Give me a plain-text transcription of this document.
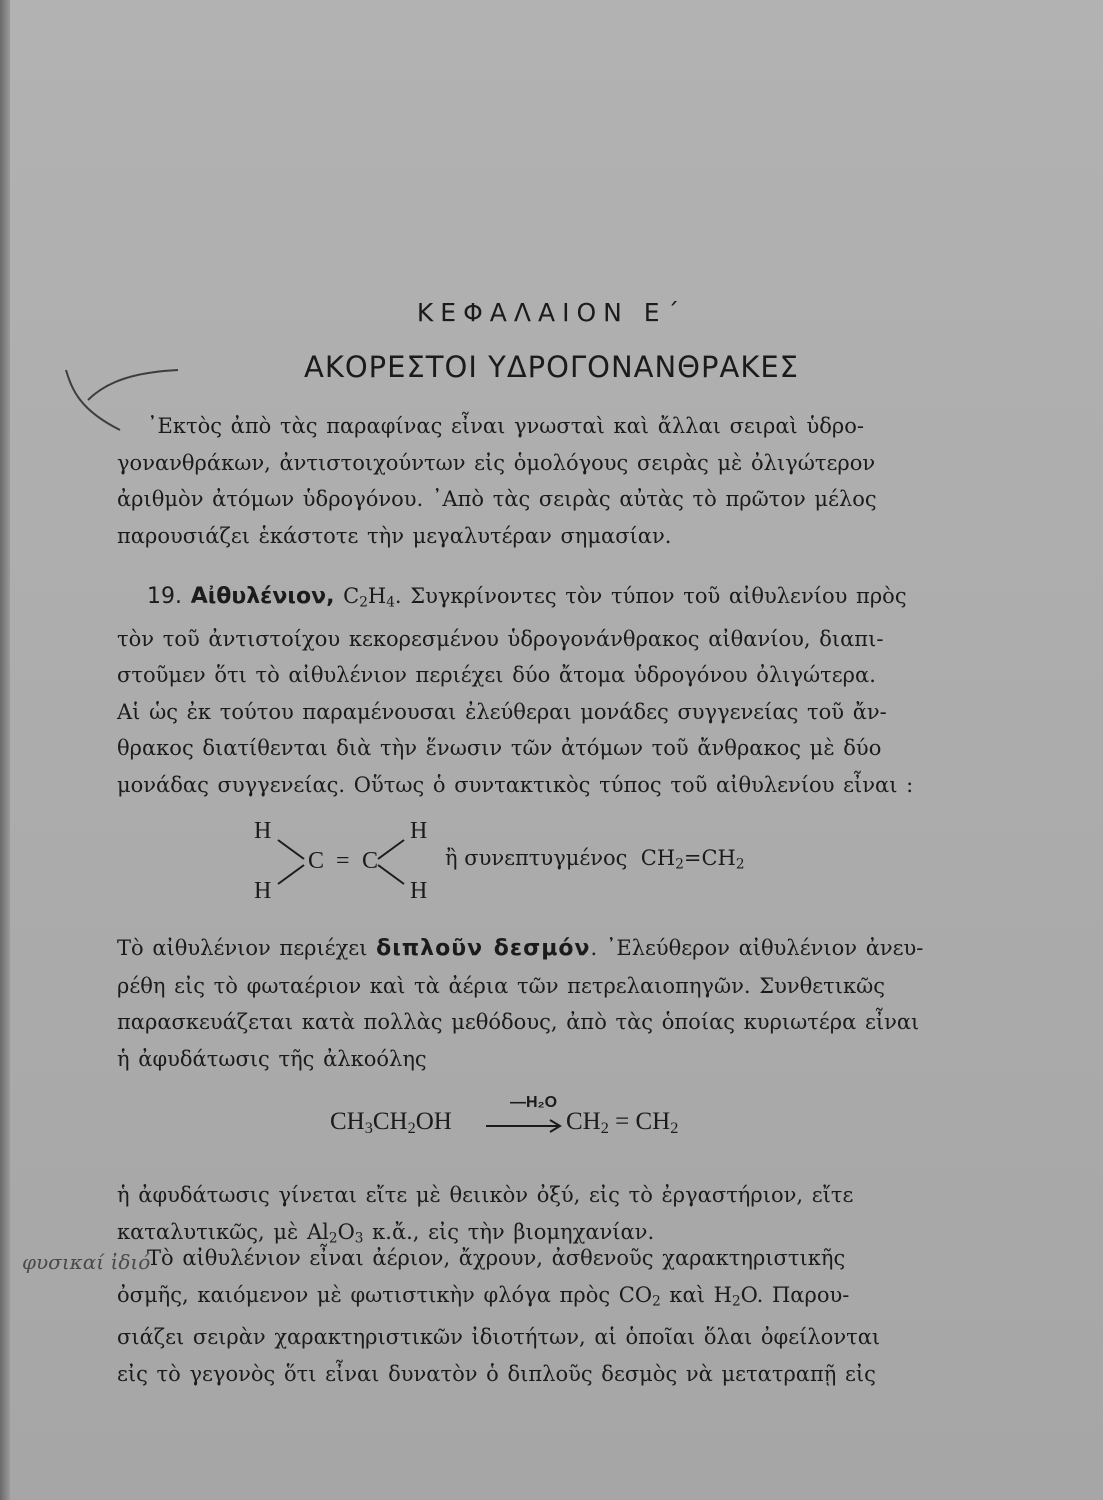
ΚΕΦΑΛΑΙΟΝ Ε΄
ΑΚΟΡΕΣΤΟΙ ΥΔΡΟΓΟΝΑΝΘΡΑΚΕΣ
᾽Εκτὸς ἀπὸ τὰς παραφίνας εἶναι γνωσταὶ καὶ ἄλλαι σειραὶ ὑδρο-
γονανθράκων, ἀντιστοιχούντων εἰς ὁμολόγους σειρὰς μὲ ὀλιγώτερον
ἀριθμὸν ἀτόμων ὑδρογόνου. ᾽Απὸ τὰς σειρὰς αὐτὰς τὸ πρῶτον μέλος
παρουσιάζει ἑκάστοτε τὴν μεγαλυτέραν σημασίαν.
19. Αἰθυλένιον, $C_2H_4$. Συγκρίνοντες τὸν τύπον τοῦ αἰθυλενίου πρὸς
τὸν τοῦ ἀντιστοίχου κεκορεσμένου ὑδρογονάνθρακος αἰθανίου, διαπι-
στοῦμεν ὅτι τὸ αἰθυλένιον περιέχει δύο ἄτομα ὑδρογόνου ὀλιγώτερα.
Αἱ ὡς ἐκ τούτου παραμένουσαι ἐλεύθεραι μονάδες συγγενείας τοῦ ἄν-
θρακος διατίθενται διὰ τὴν ἕνωσιν τῶν ἀτόμων τοῦ ἄνθρακος μὲ δύο
μονάδας συγγενείας. Οὕτως ὁ συντακτικὸς τύπος τοῦ αἰθυλενίου εἶναι :
H
H
C = C
H
H
ἢ συνεπτυγμένος $CH_2=CH_2$
Τὸ αἰθυλένιον περιέχει διπλοῦν δεσμόν. ᾽Ελεύθερον αἰθυλένιον ἀνευ-
ρέθη εἰς τὸ φωταέριον καὶ τὰ ἀέρια τῶν πετρελαιοπηγῶν. Συνθετικῶς
παρασκευάζεται κατὰ πολλὰς μεθόδους, ἀπὸ τὰς ὁποίας κυριωτέρα εἶναι
ἡ ἀφυδάτωσις τῆς ἀλκοόλης
$CH_3CH_2OH$
—H₂O
→ $CH_2 = CH_2$
ἡ ἀφυδάτωσις γίνεται εἴτε μὲ θειικὸν ὀξύ, εἰς τὸ ἐργαστήριον, εἴτε
καταλυτικῶς, μὲ $Al_2O_3$ κ.ἄ., εἰς τὴν βιομηχανίαν.
φυσικαί ἰδιό
Τὸ αἰθυλένιον εἶναι ἀέριον, ἄχρουν, ἀσθενοῦς χαρακτηριστικῆς
ὀσμῆς, καιόμενον μὲ φωτιστικὴν φλόγα πρὸς $CO_2$ καὶ $H_2O$. Παρου-
σιάζει σειρὰν χαρακτηριστικῶν ἰδιοτήτων, αἱ ὁποῖαι ὅλαι ὀφείλονται
εἰς τὸ γεγονὸς ὅτι εἶναι δυνατὸν ὁ διπλοῦς δεσμὸς νὰ μετατραπῇ εἰς
